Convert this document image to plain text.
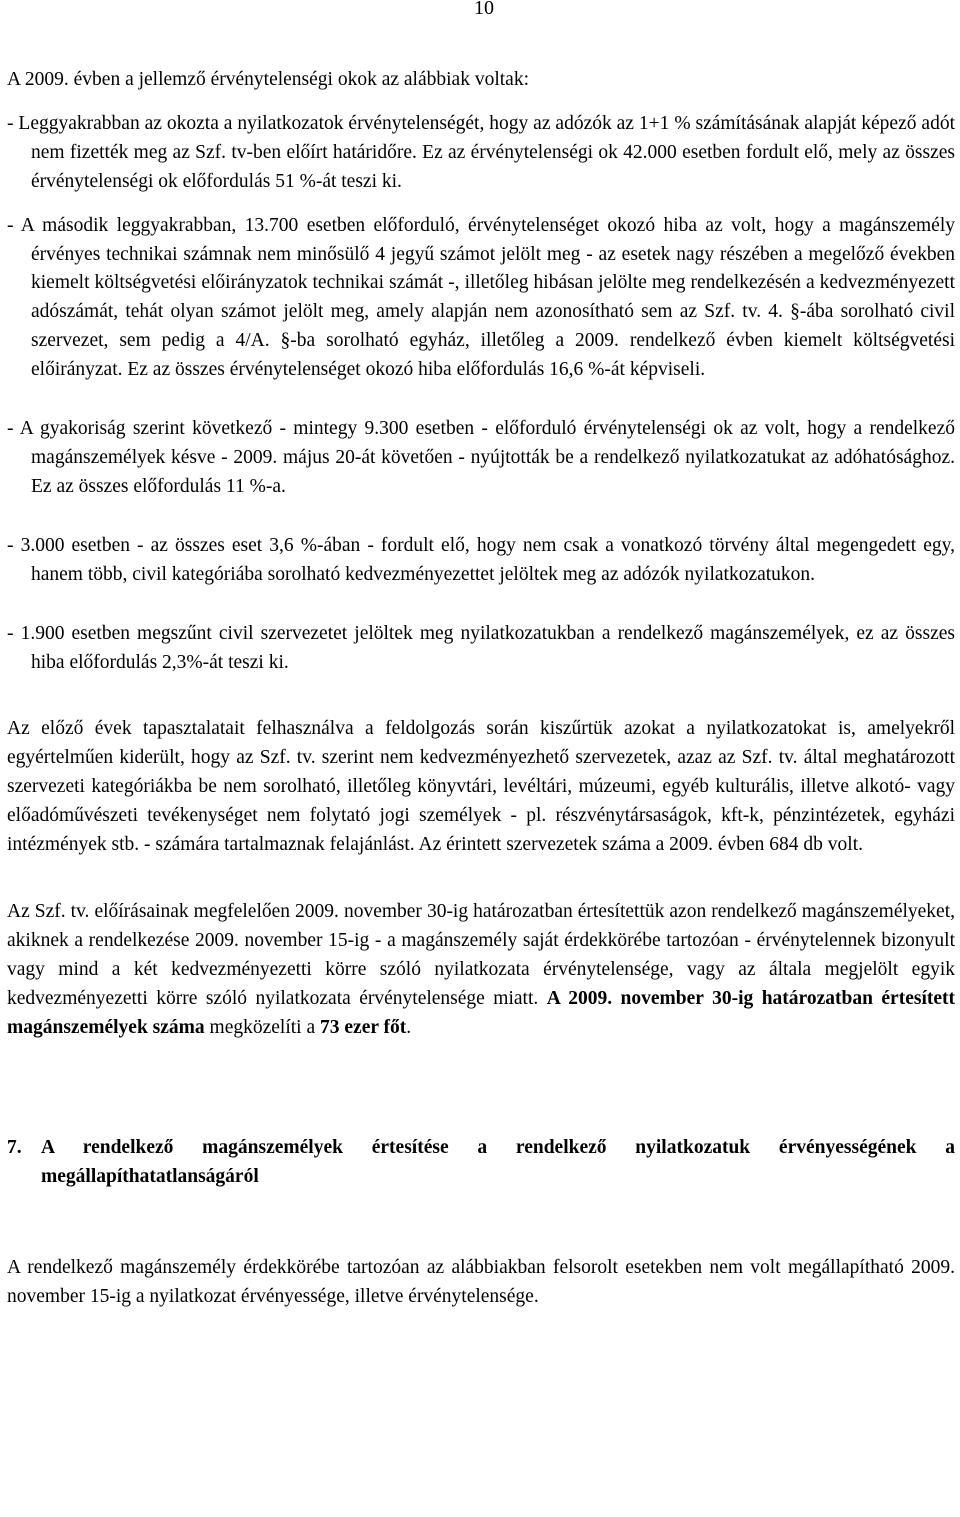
10

A 2009. évben a jellemző érvénytelenségi okok az alábbiak voltak:

- Leggyakrabban az okozta a nyilatkozatok érvénytelenségét, hogy az adózók az 1+1 % számításának alapját képező adót nem fizették meg az Szf. tv-ben előírt határidőre. Ez az érvénytelenségi ok 42.000 esetben fordult elő, mely az összes érvénytelenségi ok előfordulás 51 %-át teszi ki.

- A második leggyakrabban, 13.700 esetben előforduló, érvénytelenséget okozó hiba az volt, hogy a magánszemély érvényes technikai számnak nem minősülő 4 jegyű számot jelölt meg - az esetek nagy részében a megelőző években kiemelt költségvetési előirányzatok technikai számát -, illetőleg hibásan jelölte meg rendelkezésén a kedvezményezett adószámát, tehát olyan számot jelölt meg, amely alapján nem azonosítható sem az Szf. tv. 4. §-ába sorolható civil szervezet, sem pedig a 4/A. §-ba sorolható egyház, illetőleg a 2009. rendelkező évben kiemelt költségvetési előirányzat. Ez az összes érvénytelenséget okozó hiba előfordulás 16,6 %-át képviseli.

- A gyakoriság szerint következő - mintegy 9.300 esetben - előforduló érvénytelenségi ok az volt, hogy a rendelkező magánszemélyek késve - 2009. május 20-át követően - nyújtották be a rendelkező nyilatkozatukat az adóhatósághoz. Ez az összes előfordulás 11 %-a.

- 3.000 esetben - az összes eset 3,6 %-ában - fordult elő, hogy nem csak a vonatkozó törvény által megengedett egy, hanem több, civil kategóriába sorolható kedvezményezettet jelöltek meg az adózók nyilatkozatukon.

- 1.900 esetben megszűnt civil szervezetet jelöltek meg nyilatkozatukban a rendelkező magánszemélyek, ez az összes hiba előfordulás 2,3%-át teszi ki.

Az előző évek tapasztalatait felhasználva a feldolgozás során kiszűrtük azokat a nyilatkozatokat is, amelyekről egyértelműen kiderült, hogy az Szf. tv. szerint nem kedvezményezhető szervezetek, azaz az Szf. tv. által meghatározott szervezeti kategóriákba be nem sorolható, illetőleg könyvtári, levéltári, múzeumi, egyéb kulturális, illetve alkotó- vagy előadóművészeti tevékenységet nem folytató jogi személyek - pl. részvénytársaságok, kft-k, pénzintézetek, egyházi intézmények stb. - számára tartalmaznak felajánlást. Az érintett szervezetek száma a 2009. évben 684 db volt.

Az Szf. tv. előírásainak megfelelően 2009. november 30-ig határozatban értesítettük azon rendelkező magánszemélyeket, akiknek a rendelkezése 2009. november 15-ig - a magánszemély saját érdekkörébe tartozóan - érvénytelennek bizonyult vagy mind a két kedvezményezetti körre szóló nyilatkozata érvénytelensége, vagy az általa megjelölt egyik kedvezményezetti körre szóló nyilatkozata érvénytelensége miatt. A 2009. november 30-ig határozatban értesített magánszemélyek száma megközelíti a 73 ezer főt.

7. A rendelkező magánszemélyek értesítése a rendelkező nyilatkozatuk érvényességének a megállapíthatatlanságáról

A rendelkező magánszemély érdekkörébe tartozóan az alábbiakban felsorolt esetekben nem volt megállapítható 2009. november 15-ig a nyilatkozat érvényessége, illetve érvénytelensége.
